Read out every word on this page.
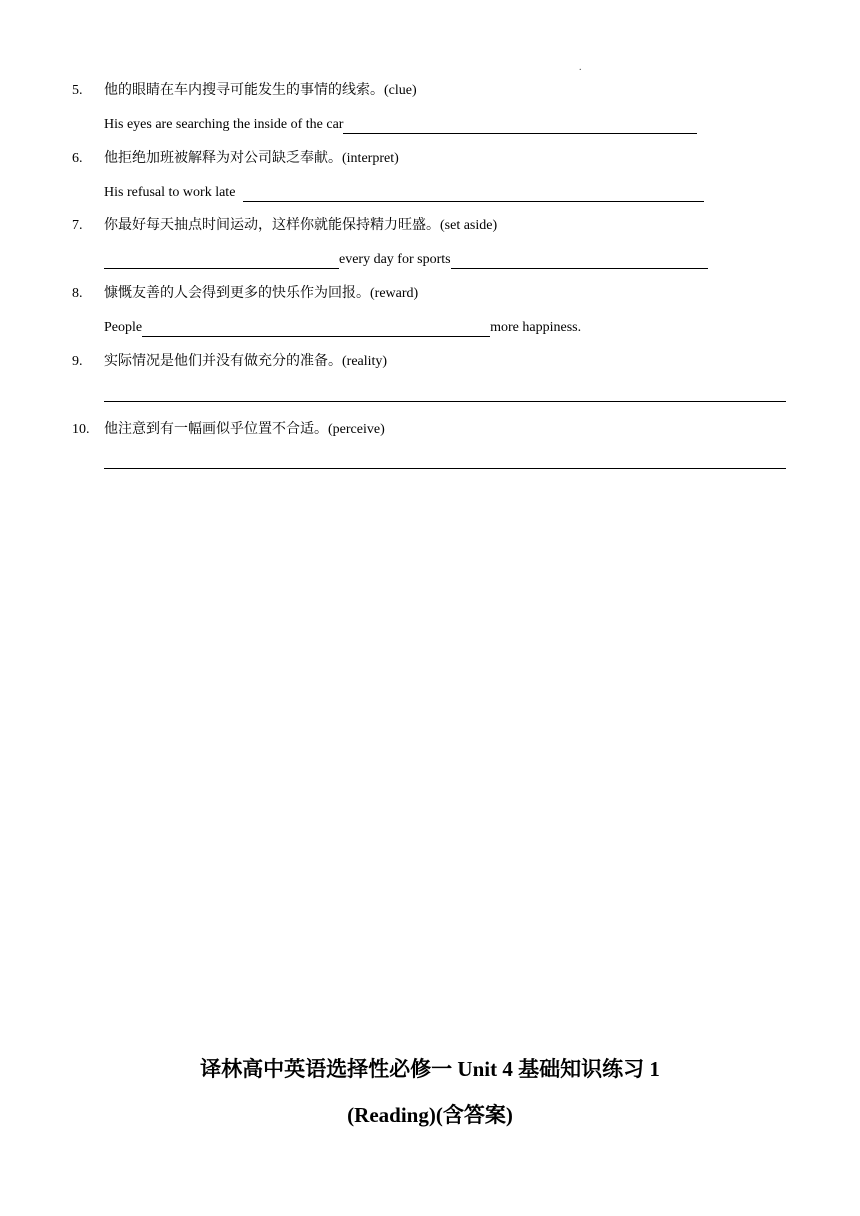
.
5. 他的眼睛在车内搜寻可能发生的事情的线索。(clue)
His eyes are searching the inside of the car
6. 他拒绝加班被解释为对公司缺乏奉献。(interpret)
His refusal to work late
7. 你最好每天抽点时间运动，这样你就能保持精力旺盛。(set aside)
every day for sports
8. 慷慨友善的人会得到更多的快乐作为回报。(reward)
People	more happiness.
9. 实际情况是他们并没有做充分的准备。(reality)
10. 他注意到有一幅画似乎位置不合适。(perceive)
译林高中英语选择性必修一 Unit 4 基础知识练习 1
(Reading)(含答案)
